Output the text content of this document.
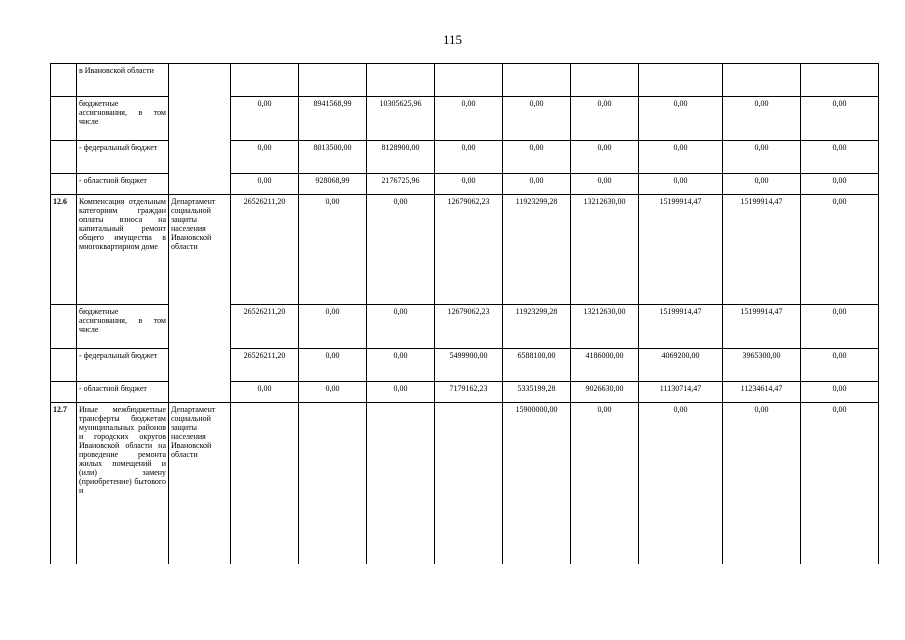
115
	в Ивановской области										
	бюджетные ассигнования, в том числе		0,00	8941568,99	10305625,96	0,00	0,00	0,00	0,00	0,00	0,00
	- федеральный бюджет		0,00	8013500,00	8128900,00	0,00	0,00	0,00	0,00	0,00	0,00
	- областной бюджет		0,00	928068,99	2176725,96	0,00	0,00	0,00	0,00	0,00	0,00
12.6	Компенсация отдельным категориям граждан оплаты взноса на капитальный ремонт общего имущества в многоквартирном доме	Департамент социальной защиты населения Ивановской области	26526211,20	0,00	0,00	12679062,23	11923299,28	13212630,00	15199914,47	15199914,47	0,00
	бюджетные ассигнования, в том числе		26526211,20	0,00	0,00	12679062,23	11923299,28	13212630,00	15199914,47	15199914,47	0,00
	- федеральный бюджет		26526211,20	0,00	0,00	5499900,00	6588100,00	4186000,00	4069200,00	3965300,00	0,00
	- областной бюджет		0,00	0,00	0,00	7179162,23	5335199,28	9026630,00	11130714,47	11234614,47	0,00
12.7	Иные межбюджетные трансферты бюджетам муниципальных районов и городских округов Ивановской области на проведение ремонта жилых помещений и (или) замену (приобретение) бытового и	Департамент социальной защиты населения Ивановской области					15900000,00	0,00	0,00	0,00	0,00
